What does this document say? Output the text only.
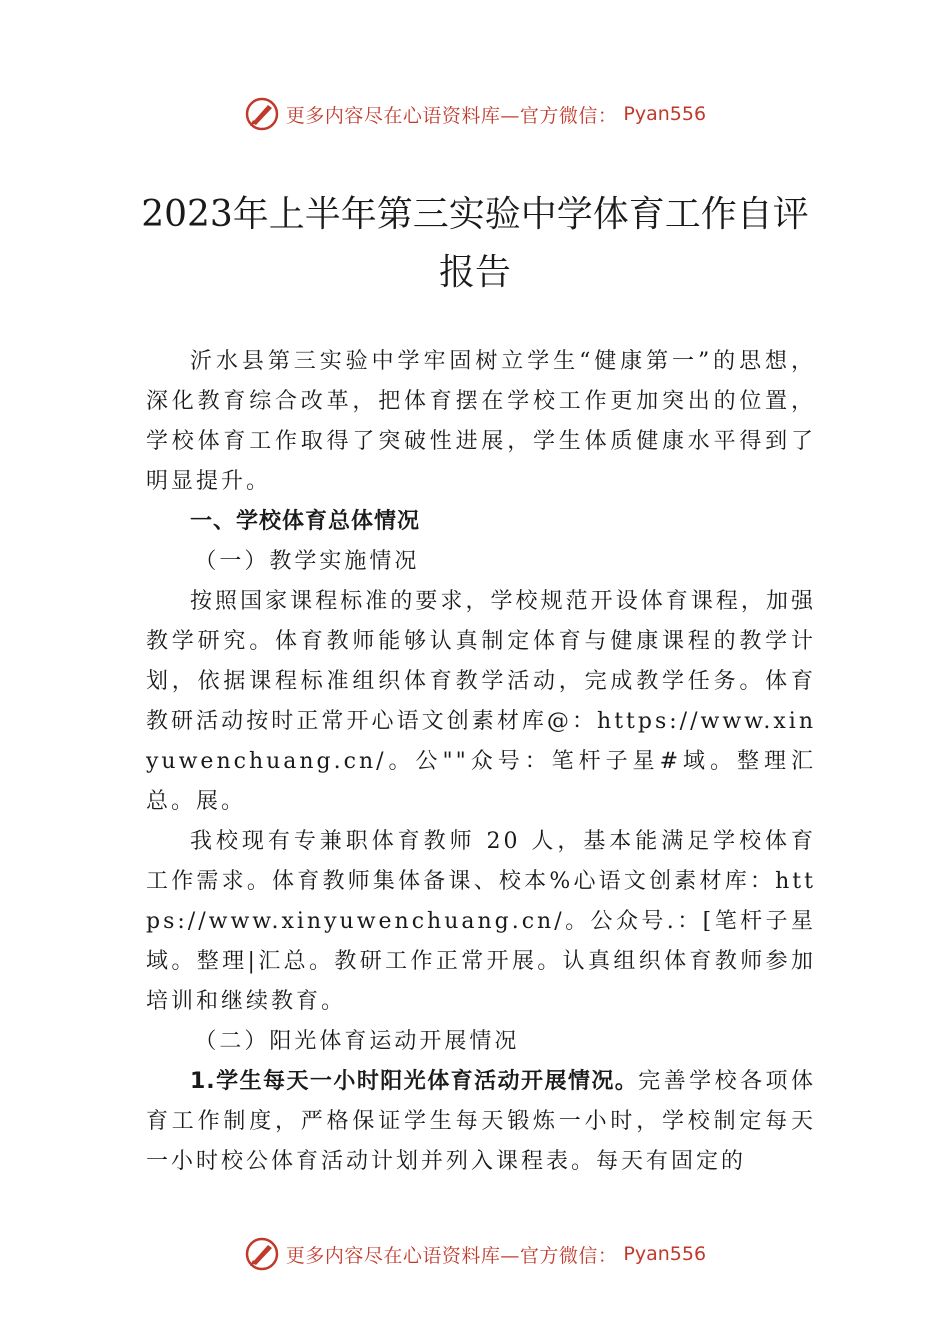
更多内容尽在心语资料库—官方微信： Pyan556
2023年上半年第三实验中学体育工作自评
报告

沂水县第三实验中学牢固树立学生“健康第一”的思想，深化教育综合改革，把体育摆在学校工作更加突出的位置， 学校体育工作取得了突破性进展，学生体质健康水平得到了明显提升。

一、学校体育总体情况

（一）教学实施情况

按照国家课程标准的要求，学校规范开设体育课程，加强教学研究。体育教师能够认真制定体育与健康课程的教学计划，依据课程标准组织体育教学活动，完成教学任务。体育教研活动按时正常开心语文创素材库@：https://www.xinyuwenchuang.cn/。公""众号：笔杆子星#域。整理汇总。展。

我校现有专兼职体育教师 20 人，基本能满足学校体育工作需求。体育教师集体备课、校本%心语文创素材库：https://www.xinyuwenchuang.cn/。公众号.：[笔杆子星域。整理|汇总。教研工作正常开展。认真组织体育教师参加培训和继续教育。

（二）阳光体育运动开展情况

1.学生每天一小时阳光体育活动开展情况。完善学校各项体育工作制度，严格保证学生每天锻炼一小时，学校制定每天一小时校公体育活动计划并列入课程表。每天有固定的

更多内容尽在心语资料库—官方微信： Pyan556
